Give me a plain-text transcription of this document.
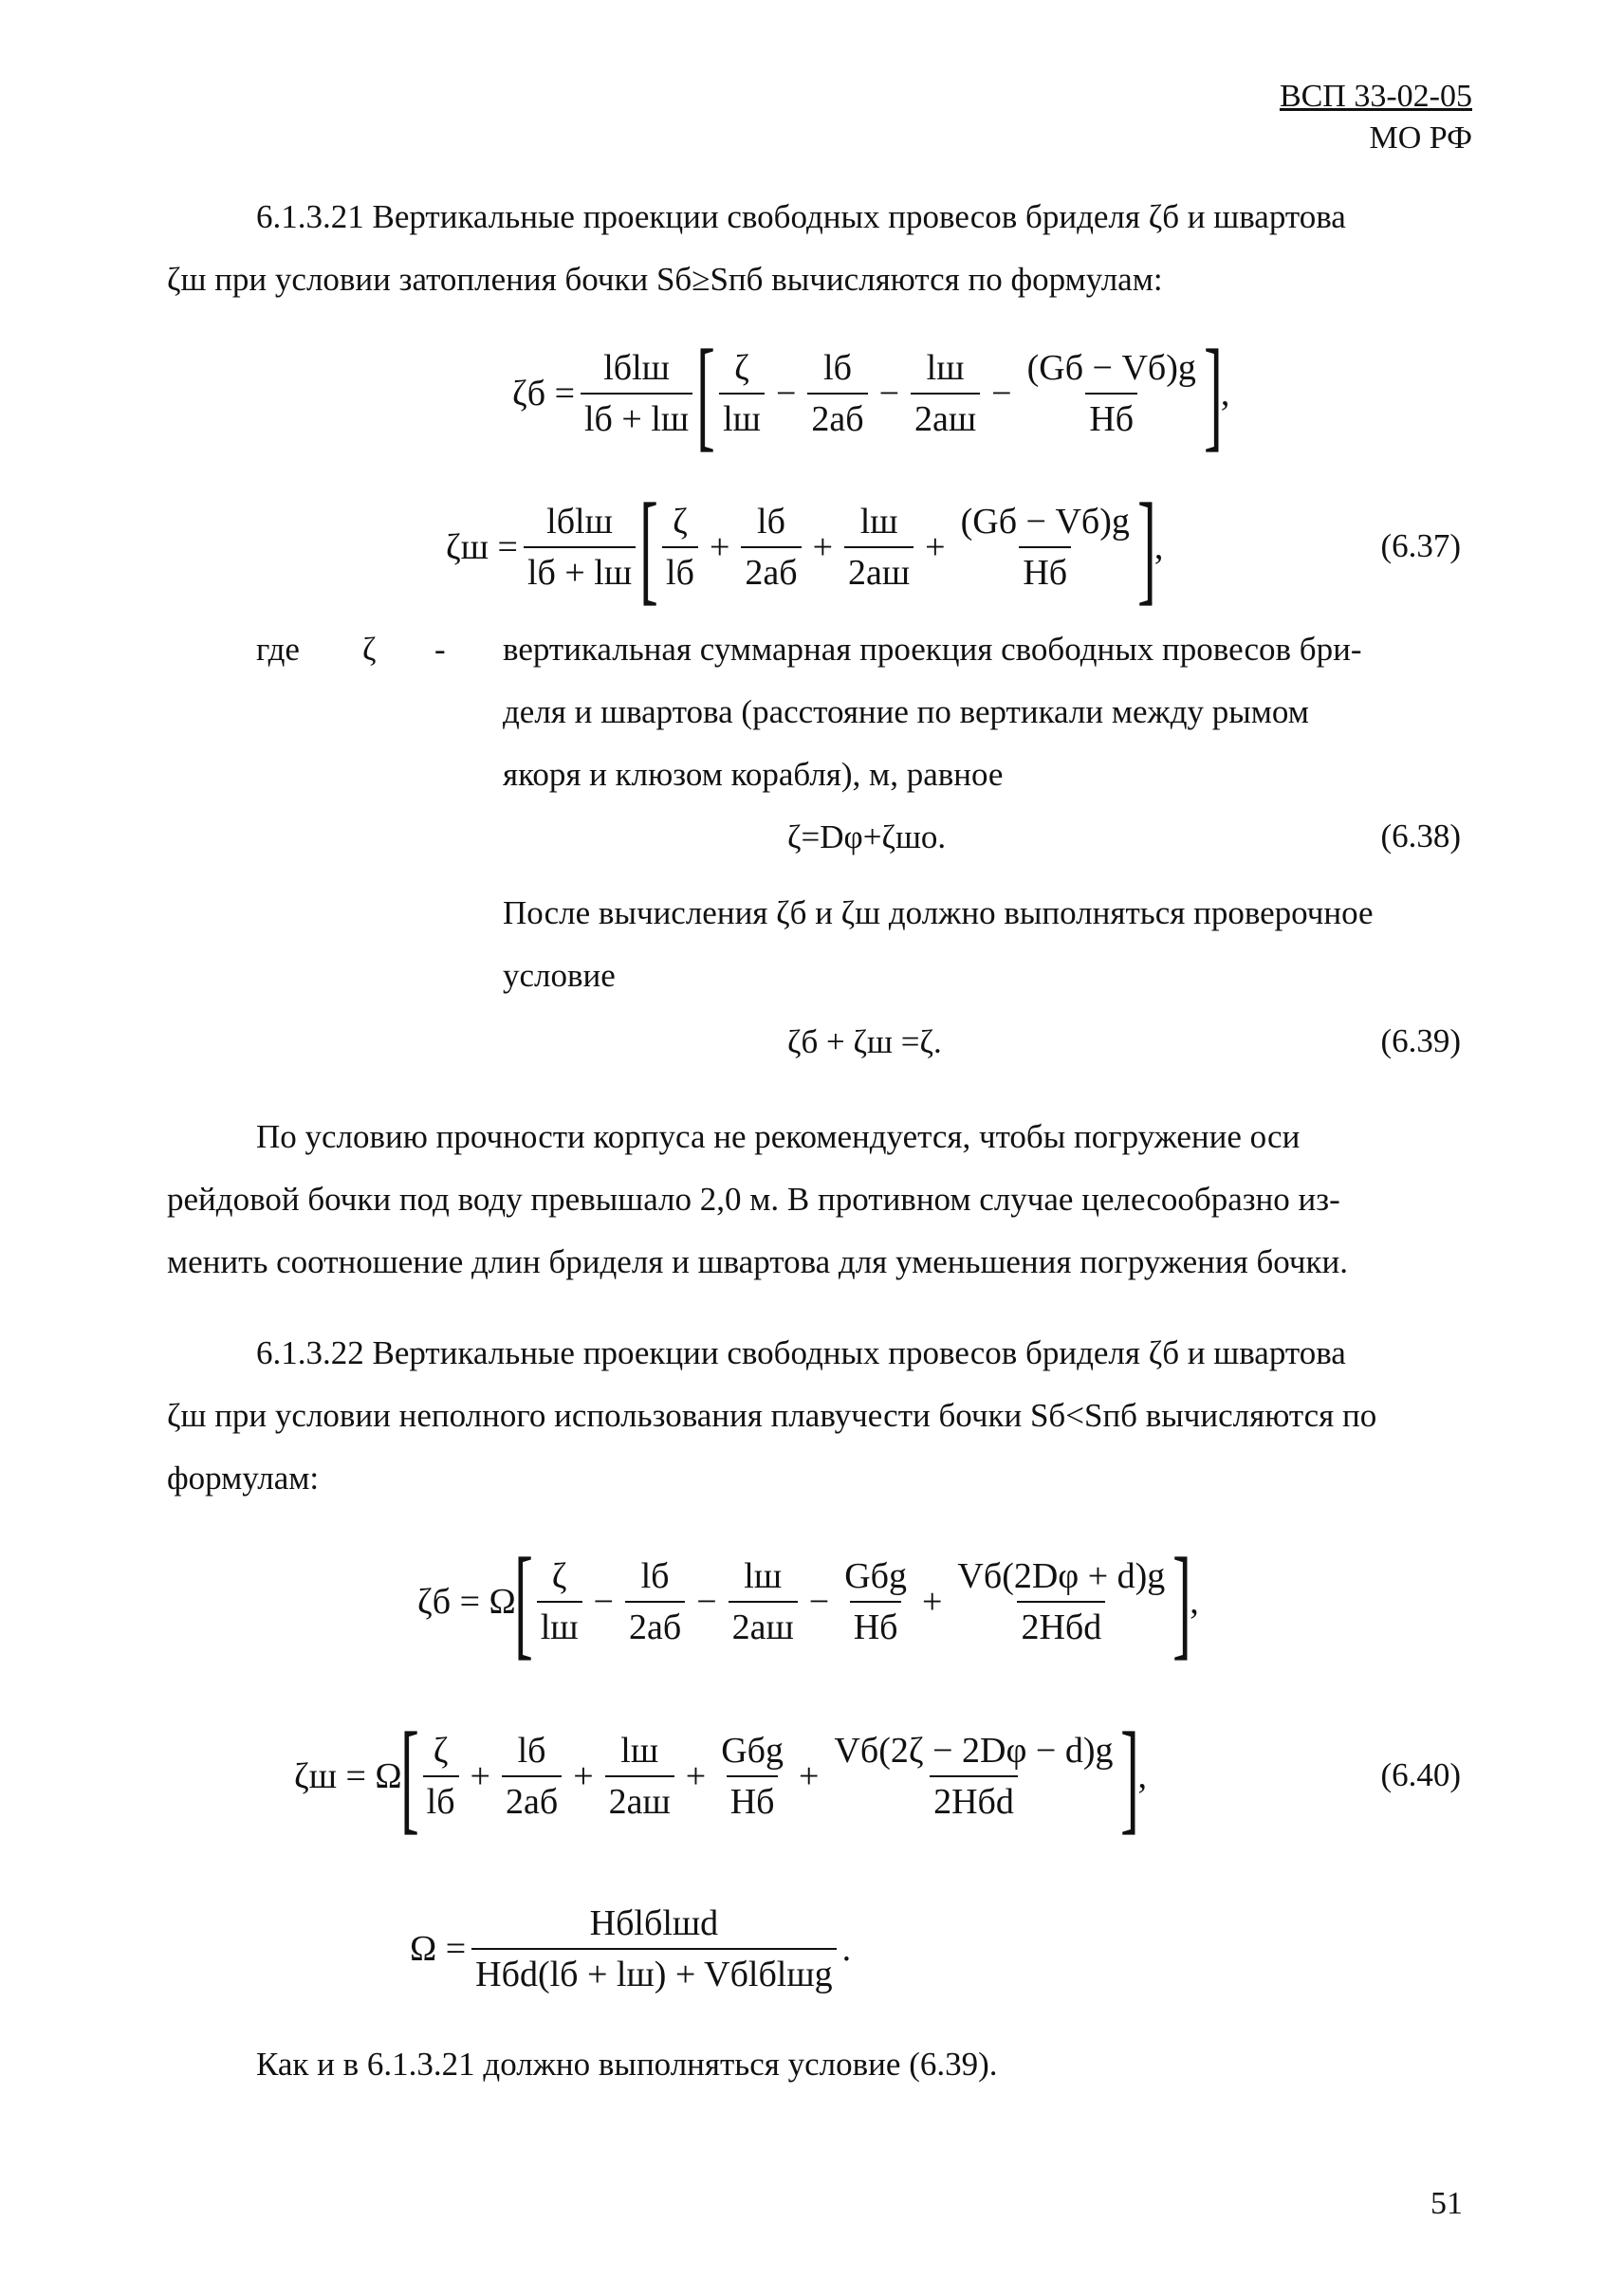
ВСП 33-02-05
МО РФ
6.1.3.21 Вертикальные проекции свободных провесов бриделя ζб и швартова
ζш при условии затопления бочки Sб≥Sпб вычисляются по формулам:
$\zeta б = \frac{\text{lбlш}}{lб + lш}$ [ $\frac{\zeta}{lш} - \frac{lб}{2aб} - \frac{lш}{2aш} - \frac{(Gб - Vб)g}{Hб}$ ]
,
$\zeta ш = \frac{\text{lбlш}}{lб + lш}$ [ $\frac{\zeta}{lб} + \frac{lб}{2aб} + \frac{lш}{2aш} + \frac{(Gб - Vб)g}{Hб}$ ]
,	(6.37)
где ζ - вертикальная суммарная проекция свободных провесов бри-
деля и швартова (расстояние по вертикали между рымом
якоря и клюзом корабля), м, равное
ζ=Dφ+ζшо.	(6.38)
После вычисления ζб и ζш должно выполняться проверочное
условие
ζб + ζш =ζ.	(6.39)
По условию прочности корпуса не рекомендуется, чтобы погружение оси
рейдовой бочки под воду превышало 2,0 м. В противном случае целесообразно из-
менить соотношение длин бриделя и швартова для уменьшения погружения бочки.
6.1.3.22 Вертикальные проекции свободных провесов бриделя ζб и швартова
ζш при условии неполного использования плавучести бочки Sб<Sпб вычисляются по
формулам:
ζб = Ω
[ $\frac{\zeta}{lш} - \frac{lб}{2aб} - \frac{lш}{2aш} - \frac{\text{Gбg}}{Hб} + \frac{Vб(2D\varphi + d)g}{\text{2Hбd}}$ ]
,
ζш = Ω
[ $\frac{\zeta}{lб} + \frac{lб}{2aб} + \frac{lш}{2aш} + \frac{\text{Gбg}}{Hб} + \frac{Vб(2\zeta - 2D\varphi - d)g}{\text{2Hбd}}$ ]
,	(6.40)
$\Omega = \frac{\text{Hбlбlшd}}{\text{Hбd(lб + lш) + Vбlбlшg}}$ .
Как и в 6.1.3.21 должно выполняться условие (6.39).
51
